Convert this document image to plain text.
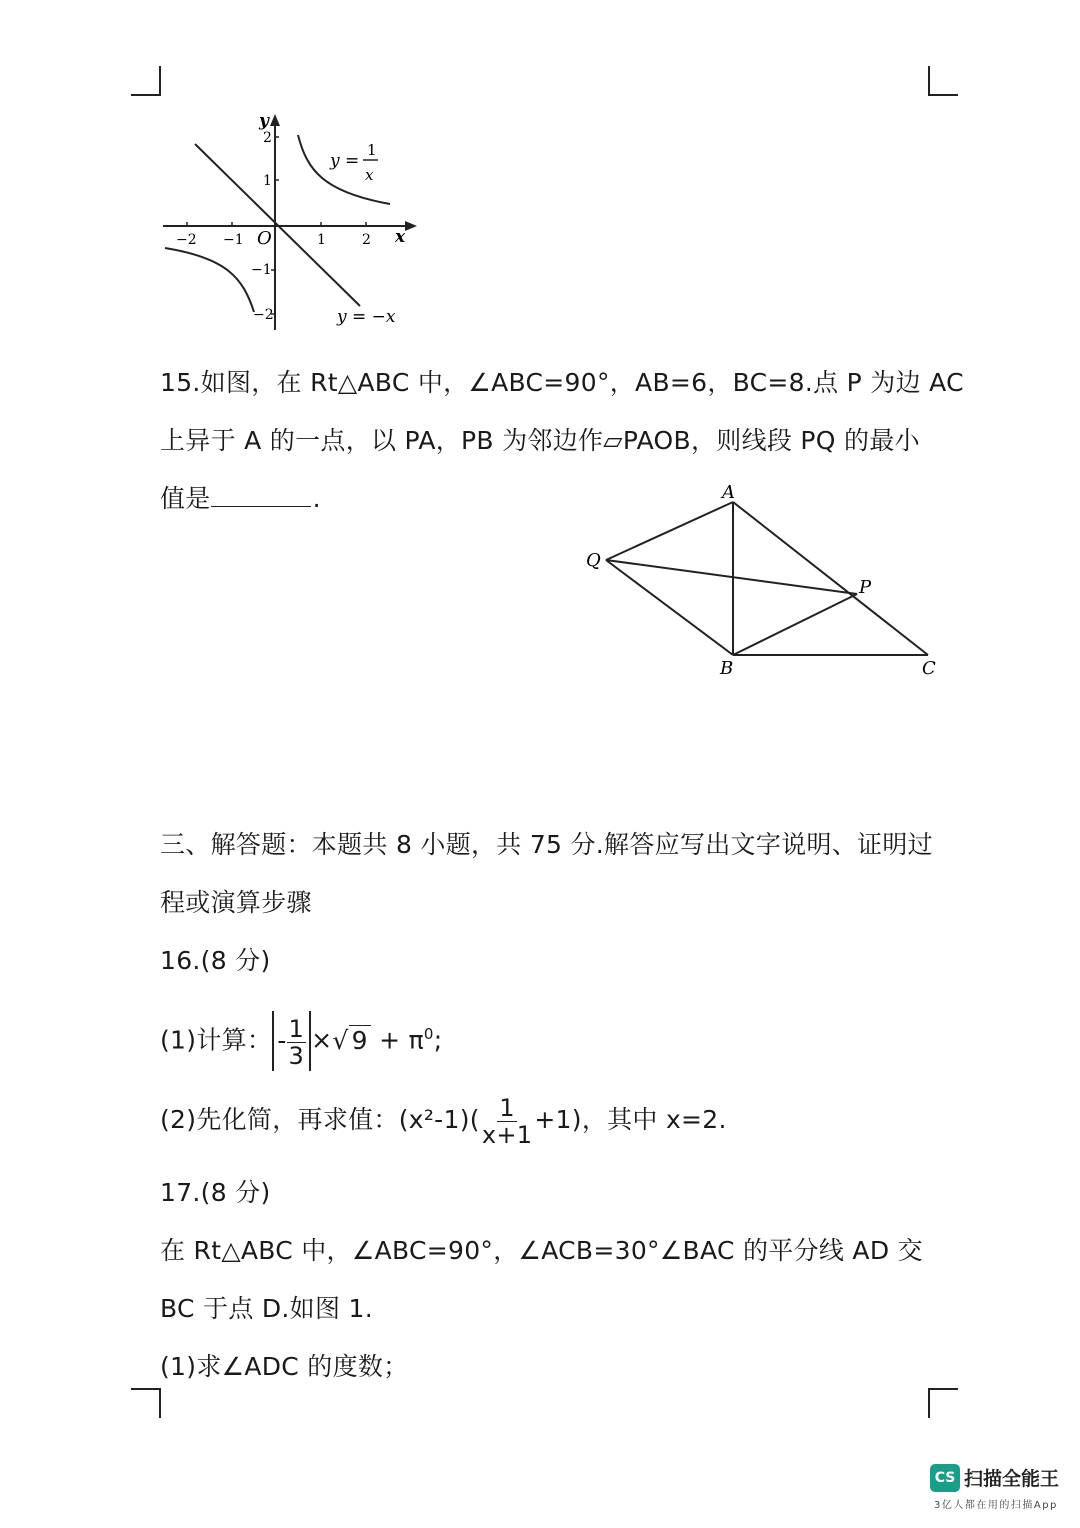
y
x
O
−2 −1	1	2
2
1
−1
−2
y =
1
x
y = −x
15.如图，在 Rt△ABC 中，∠ABC=90°，AB=6，BC=8.点 P 为边 AC
上异于 A 的一点，以 PA，PB 为邻边作▱PAOB，则线段 PQ 的最小
值是	.	A
Q
P
B	C
三、解答题：本题共 8 小题，共 75 分.解答应写出文字说明、证明过
程或演算步骤
16.(8 分)
(1)计算： - $\frac{1}{3}$ ×√ $9 + \pi^0$;
(2)先化简，再求值：$(x^2-1)( \frac{1}{x+1} +1)$，其中 x=2.
17.(8 分)
在 Rt△ABC 中，∠ABC=90°，∠ACB=30°∠BAC 的平分线 AD 交
BC 于点 D.如图 1.
(1)求∠ADC 的度数；
CS 扫描全能王
3亿人都在用的扫描App
